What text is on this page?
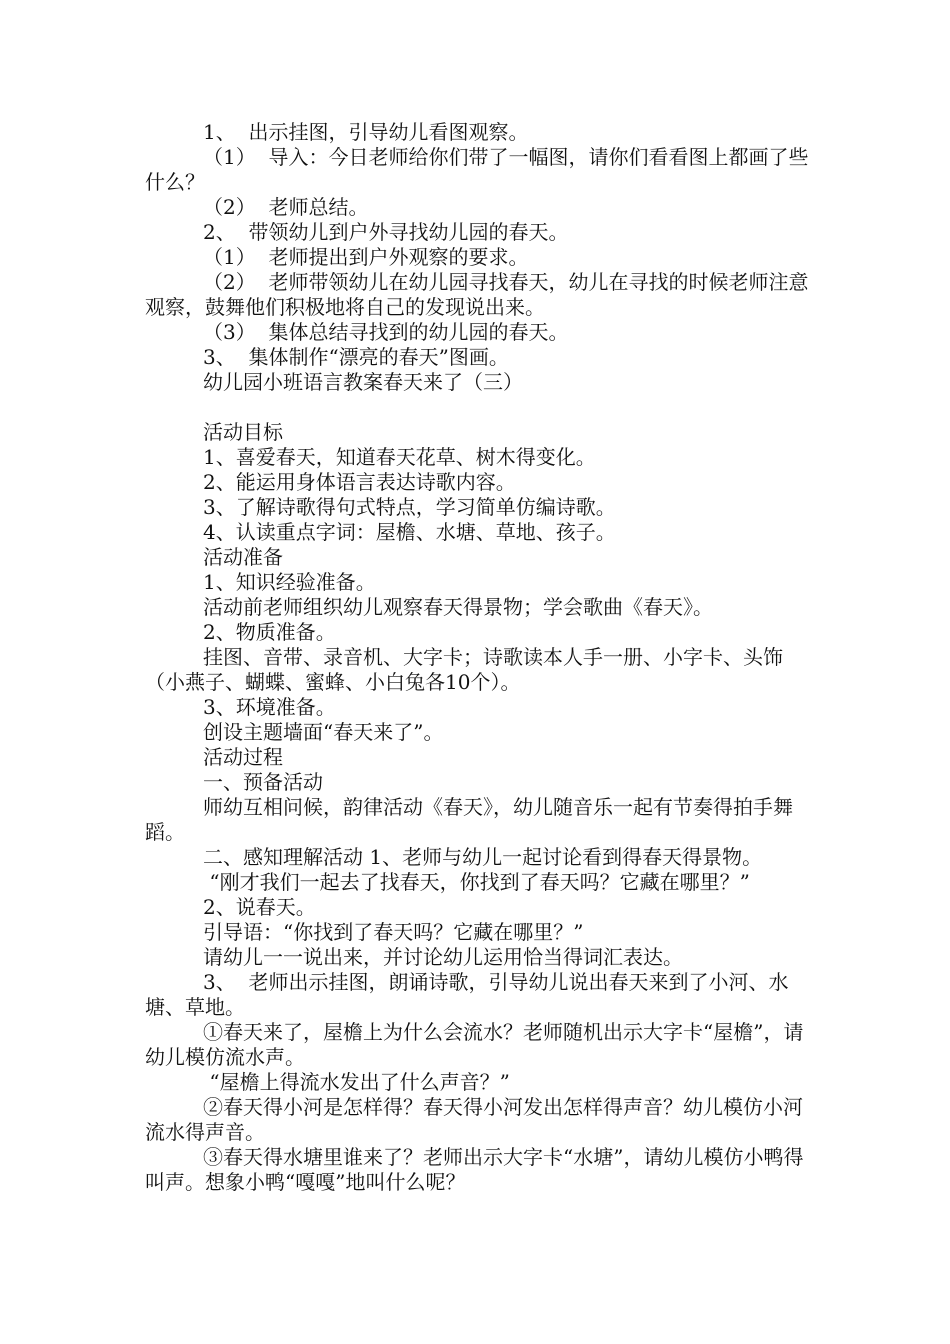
1、  出示挂图，引导幼儿看图观察。

（1）  导入：今日老师给你们带了一幅图，请你们看看图上都画了些什么？

（2）  老师总结。

2、  带领幼儿到户外寻找幼儿园的春天。

（1）  老师提出到户外观察的要求。

（2）  老师带领幼儿在幼儿园寻找春天，幼儿在寻找的时候老师注意观察，鼓舞他们积极地将自己的发现说出来。

（3）  集体总结寻找到的幼儿园的春天。

3、  集体制作“漂亮的春天”图画。

幼儿园小班语言教案春天来了（三）

活动目标

1、喜爱春天，知道春天花草、树木得变化。

2、能运用身体语言表达诗歌内容。

3、了解诗歌得句式特点，学习简单仿编诗歌。

4、认读重点字词：屋檐、水塘、草地、孩子。

活动准备

1、知识经验准备。

活动前老师组织幼儿观察春天得景物；学会歌曲《春天》。

2、物质准备。

挂图、音带、录音机、大字卡；诗歌读本人手一册、小字卡、头饰（小燕子、蝴蝶、蜜蜂、小白兔各10个）。

3、环境准备。

创设主题墙面“春天来了”。

活动过程

一、预备活动

师幼互相问候，韵律活动《春天》，幼儿随音乐一起有节奏得拍手舞蹈。

二、感知理解活动 1、老师与幼儿一起讨论看到得春天得景物。

“刚才我们一起去了找春天，你找到了春天吗？它藏在哪里？”

2、说春天。

引导语：“你找到了春天吗？它藏在哪里？”

请幼儿一一说出来，并讨论幼儿运用恰当得词汇表达。

3、  老师出示挂图，朗诵诗歌，引导幼儿说出春天来到了小河、水塘、草地。

①春天来了，屋檐上为什么会流水？老师随机出示大字卡“屋檐”，请幼儿模仿流水声。

“屋檐上得流水发出了什么声音？”

②春天得小河是怎样得？春天得小河发出怎样得声音？幼儿模仿小河流水得声音。

③春天得水塘里谁来了？老师出示大字卡“水塘”，请幼儿模仿小鸭得叫声。想象小鸭“嘎嘎”地叫什么呢？
